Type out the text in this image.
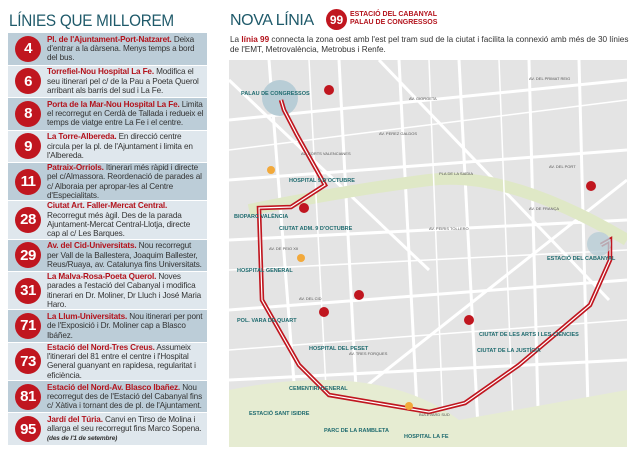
LÍNIES QUE MILLOREM
4
Pl. de l'Ajuntament-Port-Natzaret. Deixa d'entrar a la dàrsena. Menys temps a bord del bus.
6
Torrefiel-Nou Hospital La Fe. Modifica el seu itinerari pel c/ de la Pau a Poeta Querol arribant als barris del sud i La Fe.
8
Porta de la Mar-Nou Hospital La Fe. Limita el recorregut en Cerdà de Tallada i redueix el temps de viatge entre La Fe i el centre.
9
La Torre-Albereda. En direcció centre circula per la pl. de l'Ajuntament i limita en l'Albereda.
11
Patraix-Orriols. Itinerari més ràpid i directe pel c/Almassora. Reordenació de parades al c/ Alboraia per apropar-les al Centre d'Especialitats.
28
Ciutat Art. Faller-Mercat Central. Recorregut més àgil. Des de la parada Ajuntament-Mercat Central-Llotja, directe cap al c/ Les Barques.
29
Av. del Cid-Universitats. Nou recorregut per Vall de la Ballestera, Joaquim Ballester, Reus/Ruaya, av. Catalunya fins Universitats.
31
La Malva-Rosa-Poeta Querol. Noves parades a l'estació del Cabanyal i modifica itinerari en Dr. Moliner, Dr Lluch i José Maria Haro.
71
La Llum-Universitats. Nou itinerari per pont de l'Exposició i Dr. Moliner cap a Blasco Ibáñez.
73
Estació del Nord-Tres Creus. Assumeix l'itinerari del 81 entre el centre i l'Hospital General guanyant en rapidesa, regularitat i eficiència.
81
Estació del Nord-Av. Blasco Ibañez. Nou recorregut des de l'Estació del Cabanyal fins c/ Xàtiva i tornant des de pl. de l'Ajuntament.
95
Jardí del Túria. Canvi en Tirso de Molina i allarga el seu recorregut fins Marco Sopena. (des de l'1 de setembre)
NOVA LÍNIA	99 ESTACIÓ DEL CABANYAL
PALAU DE CONGRESSOS
La línia 99 connecta la zona oest amb l'est pel tram sud de la ciutat i facilita la connexió amb més de 30 línies de l'EMT, Metrovalència, Metrobus i Renfe.
PALAU DE CONGRESSOS
HOSPITAL 9 D'OCTUBRE
BIOPARC VALÈNCIA
CIUTAT ADM. 9 D'OCTUBRE
HOSPITAL GENERAL
POL. VARA DE QUART
HOSPITAL DEL PESET
CEMENTIRI GENERAL
ESTACIÓ SANT ISIDRE
PARC DE LA RAMBLETA
HOSPITAL LA FE
CIUTAT DE LES ARTS I LES CIÈNCIES
CIUTAT DE LA JUSTÍCIA
ESTACIÓ DEL CABANYAL
AV. CORTS VALENCIANES
AV. DEL CID
AV. TRES FORQUES
AV. DEL PORT
AV. DE FRANÇA
AV. PEREZ GALDOS
AV. GIORGETA
AV. PEIRIS TOLLERO
BULEVARD SUD
AV. DE PEIO XII
PLA DE LA SAÏDIA
AV. DEL PRIMAT REIG
